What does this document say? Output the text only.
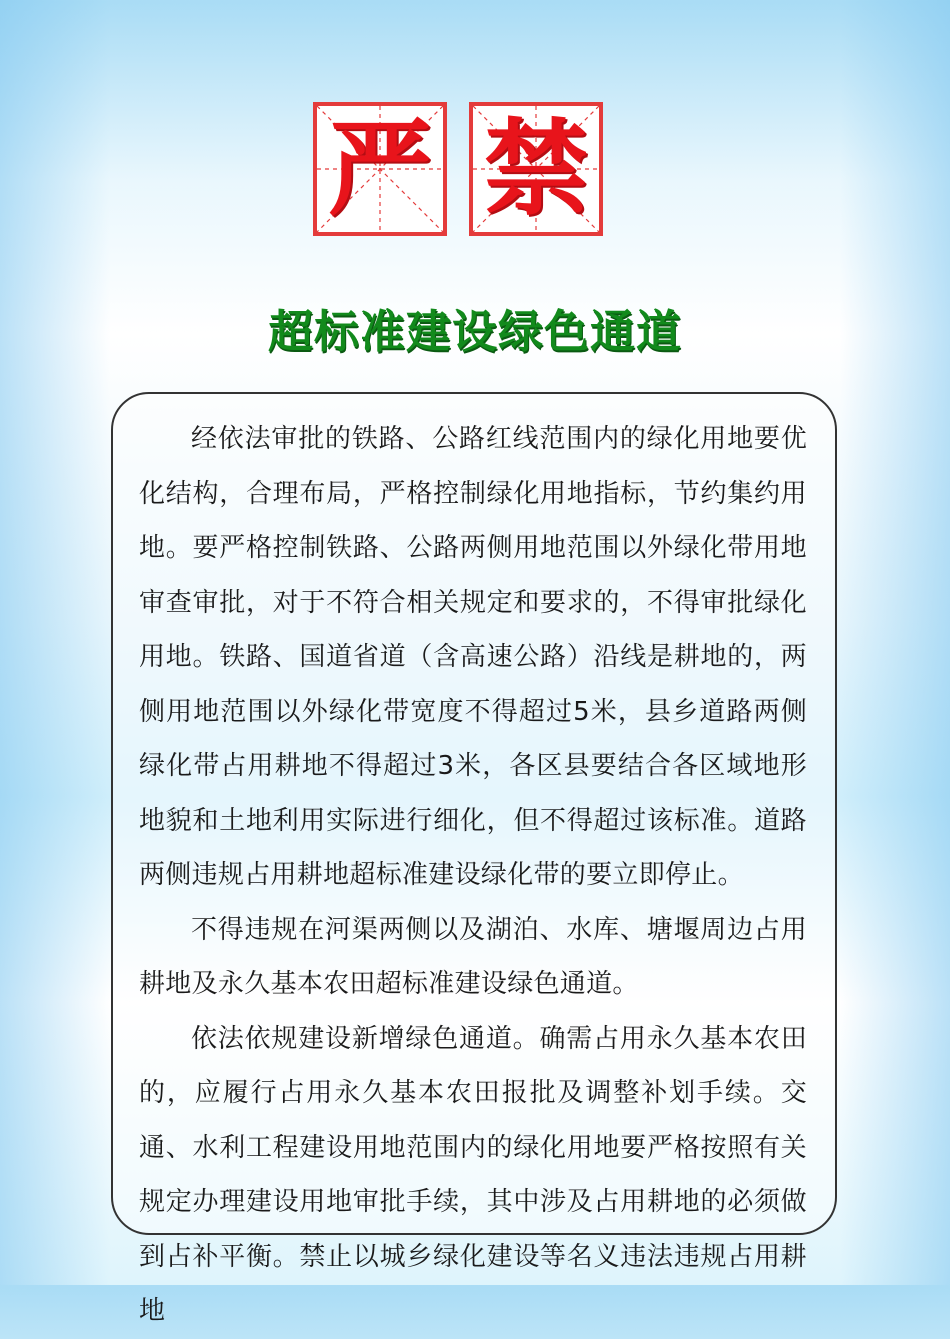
严 禁
超标准建设绿色通道

经依法审批的铁路、公路红线范围内的绿化用地要优化结构，合理布局，严格控制绿化用地指标，节约集约用地。要严格控制铁路、公路两侧用地范围以外绿化带用地审查审批，对于不符合相关规定和要求的，不得审批绿化用地。铁路、国道省道（含高速公路）沿线是耕地的，两侧用地范围以外绿化带宽度不得超过5米，县乡道路两侧绿化带占用耕地不得超过3米，各区县要结合各区域地形地貌和土地利用实际进行细化，但不得超过该标准。道路两侧违规占用耕地超标准建设绿化带的要立即停止。

不得违规在河渠两侧以及湖泊、水库、塘堰周边占用耕地及永久基本农田超标准建设绿色通道。

依法依规建设新增绿色通道。确需占用永久基本农田的，应履行占用永久基本农田报批及调整补划手续。交通、水利工程建设用地范围内的绿化用地要严格按照有关规定办理建设用地审批手续，其中涉及占用耕地的必须做到占补平衡。禁止以城乡绿化建设等名义违法违规占用耕地
